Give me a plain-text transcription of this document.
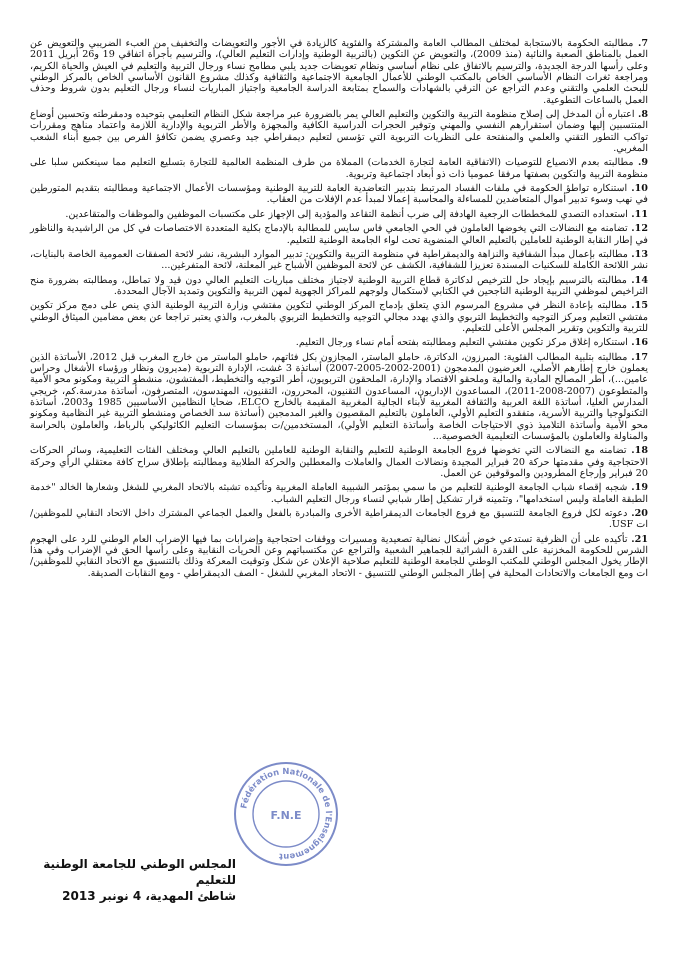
7 . مطالبته الحكومة بالاستجابة لمختلف المطالب العامة والمشتركة والفئوية كالزيادة في الأجور والتعويضات والتخفيف من العبء الضريبي والتعويض عن العمل بالمناطق الصعبة والنائية (منذ 2009)، والتعويض عن التكوين (بالتربية الوطنية وإدارات التعليم العالي)، والترسيم بأجرأة اتفاقي 19 و26 أبريل 2011 وعلى رأسها الدرجة الجديدة، والترسيم بالاتفاق على نظام أساسي ونظام تعويضات جديد يلبي مطامح نساء ورجال التربية والتعليم في العيش والحياة الكريم، ومراجعة ثغرات النظام الأساسي الخاص بالمكتب الوطني للأعمال الجامعية الاجتماعية والثقافية وكذلك مشروع القانون الأساسي الخاص بالمركز الوطني للبحث العلمي والتقني وعدم التراجع عن الترقي بالشهادات والسماح بمتابعة الدراسة الجامعية واجتياز المباريات لنساء ورجال التعليم بدون شروط وحذف العمل بالساعات التطوعية.

8 . اعتباره أن المدخل إلى إصلاح منظومة التربية والتكوين والتعليم العالي يمر بالضرورة عبر مراجعة شكل النظام التعليمي بتوحيده ودمقرطته وتحسين أوضاع المنتسبين إليها وضمان استقرارهم النفسي والمهني وتوفير الحجرات الدراسية الكافية والمجهزة والأطر التربوية والإدارية اللازمة واعتماد مناهج ومقررات تواكب التطور التقني والعلمي والمنفتحة على النظريات التربوية التي تؤسس لتعليم ديمقراطي جيد وعصري يضمن تكافؤ الفرص بين جميع أبناء الشعب المغربي.

9 . مطالبته بعدم الانصياع للتوصيات (الاتفاقية العامة لتجارة الخدمات) المملاة من طرف المنظمة العالمية للتجارة بتسليع التعليم مما سينعكس سلبا على منظومة التربية والتكوين بصفتها مرفقا عموميا ذات ذو أبعاد اجتماعية وتربوية.

10 . استنكاره تواطؤ الحكومة في ملفات الفساد المرتبط بتدبير التعاضدية العامة للتربية الوطنية ومؤسسات الأعمال الاجتماعية ومطالبته بتقديم المتورطين في نهب وسوء تدبير أموال المتعاضدين للمساءلة والمحاسبة إعمالا لمبدأ عدم الإفلات من العقاب.

11 . استعداده التصدي للمخططات الرجعية الهادفة إلى ضرب أنظمة التقاعد والمؤدية إلى الإجهاز على مكتسبات الموظفين والموظفات والمتقاعدين.

12 . تضامنه مع النضالات التي يخوضها العاملون في الحي الجامعي فاس سايس للمطالبة بالإدماج بكلية المتعددة الاختصاصات في كل من الراشيدية والناظور في إطار النقابة الوطنية للعاملين بالتعليم العالي المنضوية تحت لواء الجامعة الوطنية للتعليم.

13 . مطالبته بإعمال مبدأ الشفافية والنزاهة والديمقراطية في منظومة التربية والتكوين: تدبير الموارد البشرية، نشر لائحة الصفقات العمومية الخاصة بالبنايات، نشر اللائحة الكاملة للسكنيات المسندة تعزيزا للشفافية، الكشف عن لائحة الموظفين الأشباح غير المعلنة، لائحة المتفرغين...

14 . مطالبته بالترسيم بإيجاد حل للترخيص لدكاترة قطاع التربية الوطنية لاجتياز مختلف مباريات التعليم العالي دون قيد ولا تماطل، ومطالبته بضرورة منح التراخيص لموظفي التربية الوطنية الناجحين في الكتابي لاستكمال ولوجهم للمراكز الجهوية لمهن التربية والتكوين وتمديد الآجال المحددة.

15 . مطالبته بإعادة النظر في مشروع المرسوم الذي يتعلق بإدماج المركز الوطني لتكوين مفتشي وزارة التربية الوطنية الذي ينص على دمج مركز تكوين مفتشي التعليم ومركز التوجيه والتخطيط التربوي والذي يهدد مجالي التوجيه والتخطيط التربوي بالمغرب، والذي يعتبر تراجعا عن بعض مضامين الميثاق الوطني للتربية والتكوين وتقرير المجلس الأعلى للتعليم.

16 . استنكاره إغلاق مركز تكوين مفتشي التعليم ومطالبته بفتحه أمام نساء ورجال التعليم.

17 . مطالبته بتلبية المطالب الفئوية: المبرزون، الدكاترة، حاملو الماستر، المجازون بكل فئاتهم، حاملو الماستر من خارج المغرب قبل 2012، الأساتذة الذين يعملون خارج إطارهم الأصلي، العرضيون المدمجون (2001-2002-2005-2007) أساتذة 3 غشت، الإدارة التربوية (مديرون ونظار ورؤساء الأشغال وحراس عامين...)، أطر المصالح المادية والمالية وملحقو الاقتصاد والإدارة، الملحقون التربويون، أطر التوجيه والتخطيط، المفتشون، منشطو التربية ومكونو محو الأمية والمتطوعون (2007-2008-2011)، المساعدون الإداريون، المساعدون التقنيون، المحررون، التقنيون، المهندسون، المتصرفون، أساتذة مدرسة.كم، خريجي المدارس العليا، أساتذة اللغة العربية والثقافة المغربية لأبناء الجالية المغربية المقيمة بالخارج ELCO، ضحايا النظامين الأساسيين 1985 و2003، أساتذة التكنولوجيا والتربية الأسرية، متفقدو التعليم الأولي، العاملون بالتعليم المقصيون والغير المدمجين (أساتذة سد الخصاص ومنشطو التربية غير النظامية ومكونو محو الأمية وأساتذة التلاميذ ذوي الاحتياجات الخاصة وأساتذة التعليم الأولي)، المستخدمين/ت بمؤسسات التعليم الكاثوليكي بالرباط، والعاملون بالحراسة والمناولة والعاملون بالمؤسسات التعليمية الخصوصية...

18 . تضامنه مع النضالات التي تخوضها فروع الجامعة الوطنية للتعليم والنقابة الوطنية للعاملين بالتعليم العالي ومختلف الفئات التعليمية، وسائر الحركات الاحتجاجية وفي مقدمتها حركة 20 فبراير المجيدة ونضالات العمال والعاملات والمعطلين والحركة الطلابية ومطالبته بإطلاق سراح كافة معتقلي الرأي وحركة 20 فبراير وإرجاع المطرودين والموقوفين عن العمل.

19 . شجبه إقصاء شباب الجامعة الوطنية للتعليم من ما سمي بمؤتمر الشبيبة العاملة المغربية وتأكيده تشبثه بالاتحاد المغربي للشغل وشعارها الخالد "خدمة الطبقة العاملة وليس استخدامها"، وتثمينه قرار تشكيل إطار شبابي لنساء ورجال التعليم الشباب.

20 . دعوته لكل فروع الجامعة للتنسيق مع فروع الجامعات الديمقراطية الأخرى والمبادرة بالفعل والعمل الجماعي المشترك داخل الاتحاد النقابي للموظفين/ات USF.

21 . تأكيده على أن الظرفية تستدعي خوض أشكال نضالية تصعيدية ومسيرات ووقفات احتجاجية وإضرابات بما فيها الإضراب العام الوطني للرد على الهجوم الشرس للحكومة المخزنية على القدرة الشرائية للجماهير الشعبية والتراجع عن مكتسباتهم وعن الحريات النقابية وعلى رأسها الحق في الإضراب وفي هذا الإطار يخول المجلس الوطني للمكتب الوطني للجامعة الوطنية للتعليم صلاحية الإعلان عن شكل وتوقيت المعركة وذلك بالتنسيق مع الاتحاد النقابي للموظفين/ات ومع الجامعات والاتحادات المحلية في إطار المجلس الوطني للتنسيق - الاتحاد المغربي للشغل - الصف الديمقراطي - ومع النقابات الصديقة.

Fédération Nationale de l'Enseignement
F.N.E
المجلس الوطني للجامعة الوطنية للتعليم
شاطئ المهدية، 4 نونبر 2013
